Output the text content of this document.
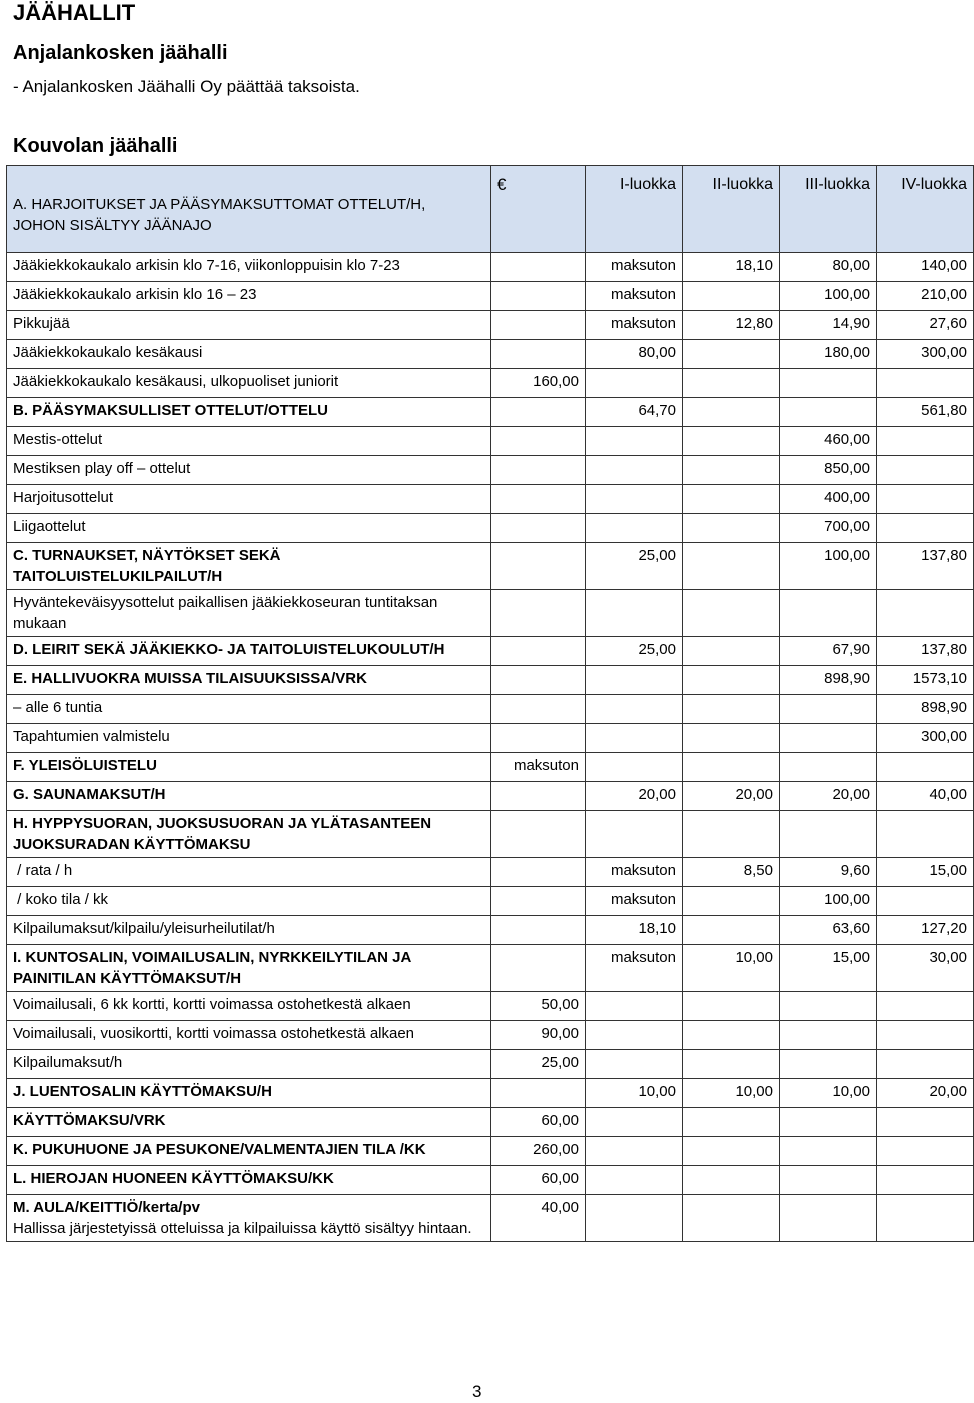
JÄÄHALLIT
Anjalankosken jäähalli
- Anjalankosken Jäähalli Oy päättää taksoista.
Kouvolan jäähalli
A. HARJOITUKSET JA PÄÄSYMAKSUTTOMAT OTTELUT/H, JOHON SISÄLTYY JÄÄNAJO	€	I-luokka	II-luokka	III-luokka	IV-luokka
Jääkiekkokaukalo arkisin klo 7-16, viikonloppuisin klo 7-23		maksuton	18,10	80,00	140,00
Jääkiekkokaukalo arkisin klo 16 – 23		maksuton		100,00	210,00
Pikkujää		maksuton	12,80	14,90	27,60
Jääkiekkokaukalo kesäkausi		80,00		180,00	300,00
Jääkiekkokaukalo kesäkausi, ulkopuoliset juniorit	160,00				
B. PÄÄSYMAKSULLISET OTTELUT/OTTELU		64,70			561,80
Mestis-ottelut				460,00	
Mestiksen play off – ottelut				850,00	
Harjoitusottelut				400,00	
Liigaottelut				700,00	
C. TURNAUKSET, NÄYTÖKSET SEKÄ TAITOLUISTELUKILPAILUT/H		25,00		100,00	137,80
Hyväntekeväisyysottelut paikallisen jääkiekkoseuran tuntitaksan mukaan					
D. LEIRIT SEKÄ JÄÄKIEKKO- JA TAITOLUISTELUKOULUT/H		25,00		67,90	137,80
E. HALLIVUOKRA MUISSA TILAISUUKSISSA/VRK				898,90	1573,10
– alle 6 tuntia					898,90
Tapahtumien valmistelu					300,00
F. YLEISÖLUISTELU	maksuton				
G. SAUNAMAKSUT/H		20,00	20,00	20,00	40,00
H. HYPPYSUORAN, JUOKSUSUORAN JA YLÄTASANTEEN JUOKSURADAN KÄYTTÖMAKSU					
/ rata / h		maksuton	8,50	9,60	15,00
/ koko tila / kk		maksuton		100,00	
Kilpailumaksut/kilpailu/yleisurheilutilat/h		18,10		63,60	127,20
I. KUNTOSALIN, VOIMAILUSALIN, NYRKKEILYTILAN JA PAINITILAN KÄYTTÖMAKSUT/H		maksuton	10,00	15,00	30,00
Voimailusali, 6 kk kortti, kortti voimassa ostohetkestä alkaen	50,00				
Voimailusali, vuosikortti, kortti voimassa ostohetkestä alkaen	90,00				
Kilpailumaksut/h	25,00				
J. LUENTOSALIN KÄYTTÖMAKSU/H		10,00	10,00	10,00	20,00
KÄYTTÖMAKSU/VRK	60,00				
K. PUKUHUONE JA PESUKONE/VALMENTAJIEN TILA /KK	260,00				
L. HIEROJAN HUONEEN KÄYTTÖMAKSU/KK	60,00				
M. AULA/KEITTIÖ/kerta/pv
Hallissa järjestetyissä otteluissa ja kilpailuissa käyttö sisältyy hintaan.	40,00				
3
